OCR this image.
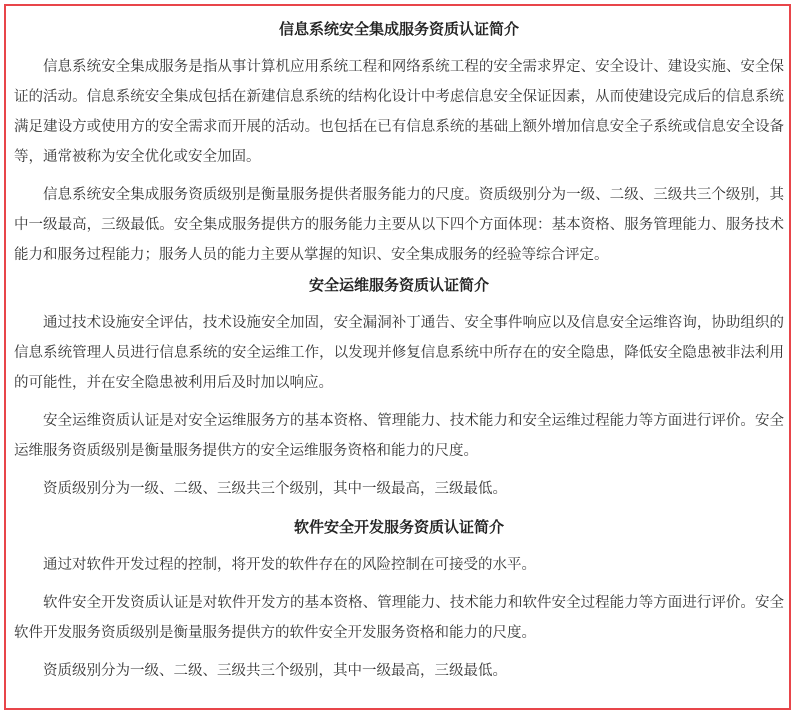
信息系统安全集成服务资质认证简介

信息系统安全集成服务是指从事计算机应用系统工程和网络系统工程的安全需求界定、安全设计、建设实施、安全保证的活动。信息系统安全集成包括在新建信息系统的结构化设计中考虑信息安全保证因素，从而使建设完成后的信息系统满足建设方或使用方的安全需求而开展的活动。也包括在已有信息系统的基础上额外增加信息安全子系统或信息安全设备等，通常被称为安全优化或安全加固。

信息系统安全集成服务资质级别是衡量服务提供者服务能力的尺度。资质级别分为一级、二级、三级共三个级别，其中一级最高，三级最低。安全集成服务提供方的服务能力主要从以下四个方面体现：基本资格、服务管理能力、服务技术能力和服务过程能力；服务人员的能力主要从掌握的知识、安全集成服务的经验等综合评定。

安全运维服务资质认证简介

通过技术设施安全评估，技术设施安全加固，安全漏洞补丁通告、安全事件响应以及信息安全运维咨询，协助组织的信息系统管理人员进行信息系统的安全运维工作，以发现并修复信息系统中所存在的安全隐患，降低安全隐患被非法利用的可能性，并在安全隐患被利用后及时加以响应。

安全运维资质认证是对安全运维服务方的基本资格、管理能力、技术能力和安全运维过程能力等方面进行评价。安全运维服务资质级别是衡量服务提供方的安全运维服务资格和能力的尺度。

资质级别分为一级、二级、三级共三个级别，其中一级最高，三级最低。

软件安全开发服务资质认证简介

通过对软件开发过程的控制，将开发的软件存在的风险控制在可接受的水平。

软件安全开发资质认证是对软件开发方的基本资格、管理能力、技术能力和软件安全过程能力等方面进行评价。安全软件开发服务资质级别是衡量服务提供方的软件安全开发服务资格和能力的尺度。

资质级别分为一级、二级、三级共三个级别，其中一级最高，三级最低。
